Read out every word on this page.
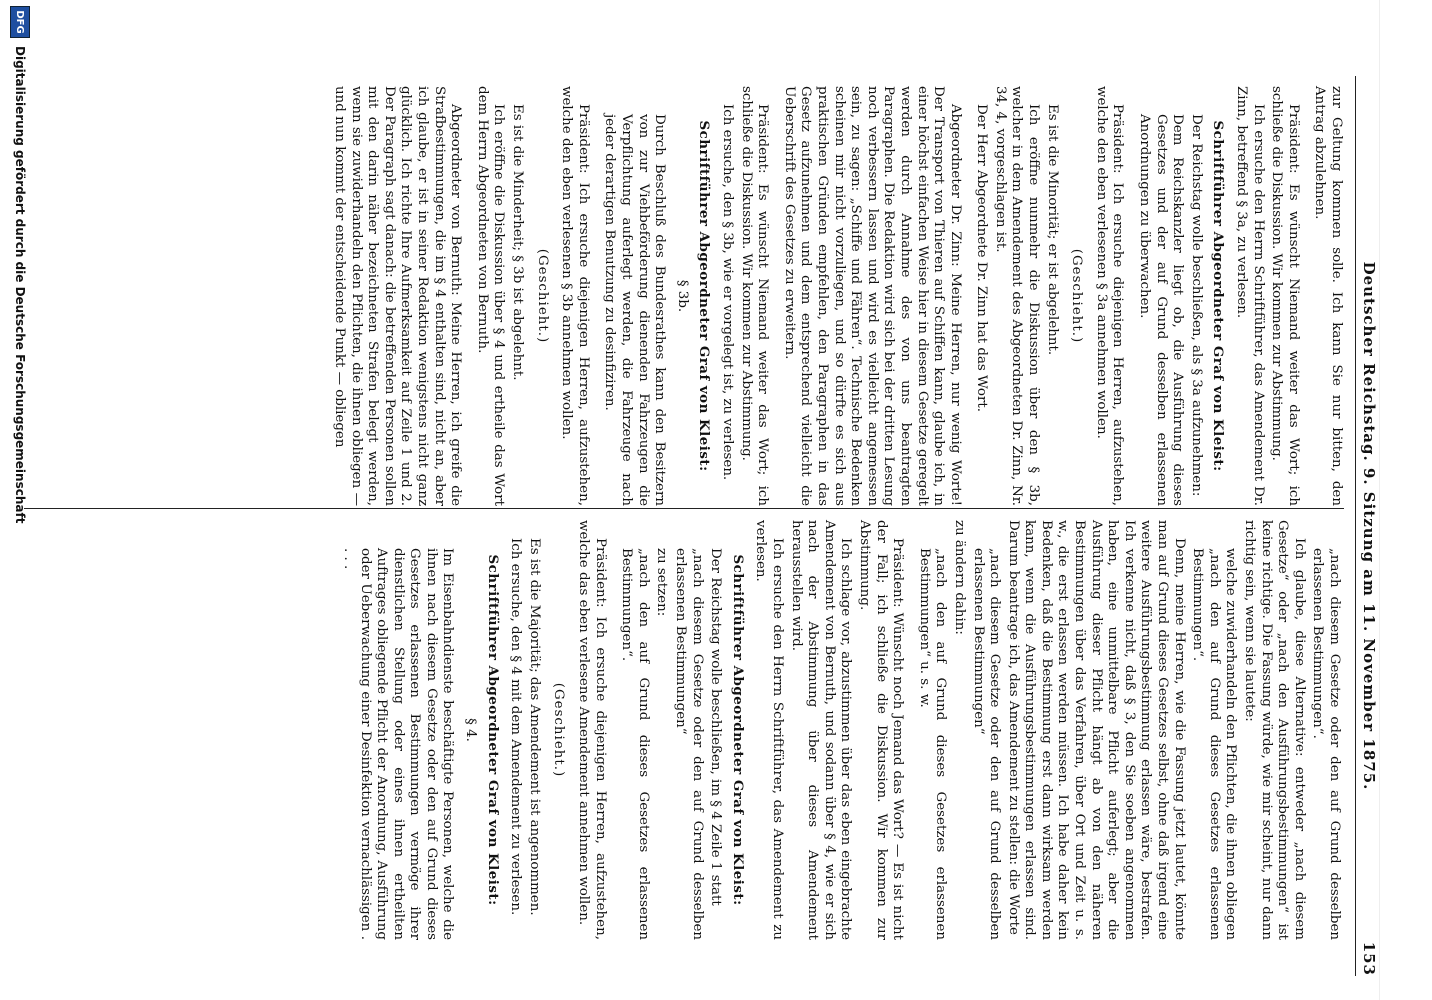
Deutscher Reichstag. 9. Sitzung am 11. November 1875.
153

zur Geltung kommen solle. Ich kann Sie nur bitten, den Antrag abzulehnen.

Präsident: Es wünscht Niemand weiter das Wort; ich schließe die Diskussion. Wir kommen zur Abstimmung.

Ich ersuche den Herrn Schriftführer, das Amendement Dr. Zinn, betreffend § 3a, zu verlesen.

Schriftführer Abgeordneter Graf von Kleist:

Der Reichstag wolle beschließen, als § 3a aufzunehmen:

Dem Reichskanzler liegt ob, die Ausführung dieses Gesetzes und der auf Grund desselben erlassenen Anordnungen zu überwachen.

Präsident: Ich ersuche diejenigen Herren, aufzustehen, welche den eben verlesenen § 3a annehmen wollen.

(Geschieht.)

Es ist die Minorität; er ist abgelehnt.

Ich eröffne nunmehr die Diskussion über den § 3b, welcher in dem Amendement des Abgeordneten Dr. Zinn, Nr. 34, 4, vorgeschlagen ist.

Der Herr Abgeordnete Dr. Zinn hat das Wort.

Abgeordneter Dr. Zinn: Meine Herren, nur wenig Worte! Der Transport von Thieren auf Schiffen kann, glaube ich, in einer höchst einfachen Weise hier in diesem Gesetze geregelt werden durch Annahme des von uns beantragten Paragraphen. Die Redaktion wird sich bei der dritten Lesung noch verbessern lassen und wird es vielleicht angemessen sein, zu sagen: „Schiffe und Fähren“. Technische Bedenken scheinen mir nicht vorzuliegen, und so dürfte es sich aus praktischen Gründen empfehlen, den Paragraphen in das Gesetz aufzunehmen und dem entsprechend vielleicht die Ueberschrift des Gesetzes zu erweitern.

Präsident: Es wünscht Niemand weiter das Wort; ich schließe die Diskussion. Wir kommen zur Abstimmung.

Ich ersuche, den § 3b, wie er vorgelegt ist, zu verlesen.

Schriftführer Abgeordneter Graf von Kleist:

§ 3b.

Durch Beschluß des Bundesrathes kann den Besitzern von zur Viehbeförderung dienenden Fahrzeugen die Verpflichtung auferlegt werden, die Fahrzeuge nach jeder derartigen Benutzung zu desinfiziren.

Präsident: Ich ersuche diejenigen Herren, aufzustehen, welche den eben verlesenen § 3b annehmen wollen.

(Geschieht.)

Es ist die Minderheit; § 3b ist abgelehnt.

Ich eröffne die Diskussion über § 4 und ertheile das Wort dem Herrn Abgeordneten von Bernuth.

Abgeordneter von Bernuth: Meine Herren, ich greife die Strafbestimmungen, die im § 4 enthalten sind, nicht an, aber ich glaube, er ist in seiner Redaktion wenigstens nicht ganz glücklich. Ich richte Ihre Aufmerksamkeit auf Zeile 1 und 2. Der Paragraph sagt danach: die betreffenden Personen sollen mit den darin näher bezeichneten Strafen belegt werden, wenn sie zuwiderhandeln den Pflichten, die ihnen obliegen — und nun kommt der entscheidende Punkt — obliegen

„nach diesem Gesetze oder den auf Grund desselben erlassenen Bestimmungen“.

Ich glaube, diese Alternative: entweder „nach diesem Gesetze“ oder „nach den Ausführungsbestimmungen“ ist keine richtige. Die Fassung würde, wie mir scheint, nur dann richtig sein, wenn sie lautete:

welche zuwiderhandeln den Pflichten, die ihnen obliegen „nach den auf Grund dieses Gesetzes erlassenen Bestimmungen“.

Denn, meine Herren, wie die Fassung jetzt lautet, könnte man auf Grund dieses Gesetzes selbst, ohne daß irgend eine weitere Ausführungsbestimmung erlassen wäre, bestrafen. Ich verkenne nicht, daß § 3, den Sie soeben angenommen haben, eine unmittelbare Pflicht auferlegt; aber die Ausführung dieser Pflicht hängt ab von den näheren Bestimmungen über das Verfahren, über Ort und Zeit u. s. w., die erst erlassen werden müssen. Ich habe daher kein Bedenken, daß die Bestimmung erst dann wirksam werden kann, wenn die Ausführungsbestimmungen erlassen sind. Darum beantrage ich, das Amendement zu stellen: die Worte

„nach diesem Gesetze oder den auf Grund desselben erlassenen Bestimmungen“

zu ändern dahin:

„nach den auf Grund dieses Gesetzes erlassenen Bestimmungen“ u. s. w.

Präsident: Wünscht noch Jemand das Wort? — Es ist nicht der Fall; ich schließe die Diskussion. Wir kommen zur Abstimmung.

Ich schlage vor, abzustimmen über das eben eingebrachte Amendement von Bernuth, und sodann über § 4, wie er sich nach der Abstimmung über dieses Amendement herausstellen wird.

Ich ersuche den Herrn Schriftführer, das Amendement zu verlesen.

Schriftführer Abgeordneter Graf von Kleist:

Der Reichstag wolle beschließen, im § 4 Zeile 1 statt

„nach diesem Gesetze oder den auf Grund desselben erlassenen Bestimmungen“

zu setzen:

„nach den auf Grund dieses Gesetzes erlassenen Bestimmungen“.

Präsident: Ich ersuche diejenigen Herren, aufzustehen, welche das eben verlesene Amendement annehmen wollen.

(Geschieht.)

Es ist die Majorität; das Amendement ist angenommen.

Ich ersuche, den § 4 mit dem Amendement zu verlesen.

Schriftführer Abgeordneter Graf von Kleist:

§ 4.

Im Eisenbahndienste beschäftigte Personen, welche die ihnen nach diesem Gesetze oder den auf Grund dieses Gesetzes erlassenen Bestimmungen vermöge ihrer dienstlichen Stellung oder eines ihnen ertheilten Auftrages obliegende Pflicht der Anordnung, Ausführung oder Ueberwachung einer Desinfektion vernachlässigen . . . .

DFG
Digitalisierung gefördert durch die Deutsche Forschungsgemeinschaft
